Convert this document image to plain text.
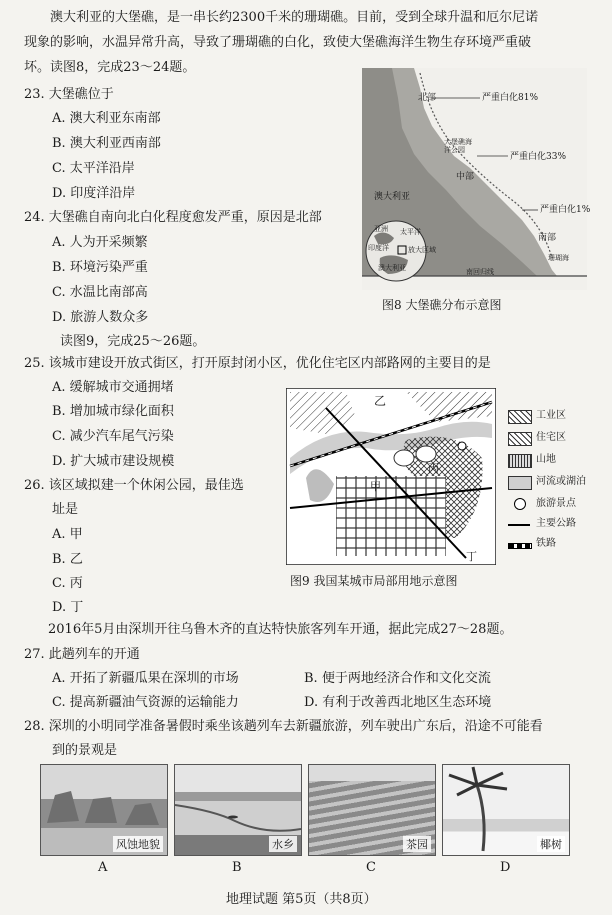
澳大利亚的大堡礁，是一串长约2300千米的珊瑚礁。目前，受到全球升温和厄尔尼诺
现象的影响，水温异常升高，导致了珊瑚礁的白化，致使大堡礁海洋生物生存环境严重破
坏。读图8，完成23～24题。
23. 大堡礁位于
A. 澳大利亚东南部
B. 澳大利亚西南部
C. 太平洋沿岸
D. 印度洋沿岸
24. 大堡礁自南向北白化程度愈发严重，原因是北部
A. 人为开采频繁
B. 环境污染严重
C. 水温比南部高
D. 旅游人数众多
读图9，完成25～26题。
北部	严重白化81%
大堡礁海洋公园
严重白化33%
中部
澳大利亚
严重白化1%
南部
珊瑚海
南回归线
亚洲 太平洋
印度洋	放大区域
澳大利亚
图8 大堡礁分布示意图
25. 该城市建设开放式街区，打开原封闭小区，优化住宅区内部路网的主要目的是
A. 缓解城市交通拥堵
B. 增加城市绿化面积
C. 减少汽车尾气污染
D. 扩大城市建设规模
26. 该区域拟建一个休闲公园，最佳选
址是
A. 甲
B. 乙
C. 丙
D. 丁
乙
丙
甲
丁
工业区
住宅区
山地
河流或湖泊
旅游景点
主要公路
铁路
图9 我国某城市局部用地示意图
2016年5月由深圳开往乌鲁木齐的直达特快旅客列车开通，据此完成27～28题。
27. 此趟列车的开通
A. 开拓了新疆瓜果在深圳的市场	B. 便于两地经济合作和文化交流
C. 提高新疆油气资源的运输能力	D. 有利于改善西北地区生态环境
28. 深圳的小明同学准备暑假时乘坐该趟列车去新疆旅游，列车驶出广东后，沿途不可能看
到的景观是
风蚀地貌	水乡	茶园	椰树
A	B	C	D
地理试题 第5页（共8页）
